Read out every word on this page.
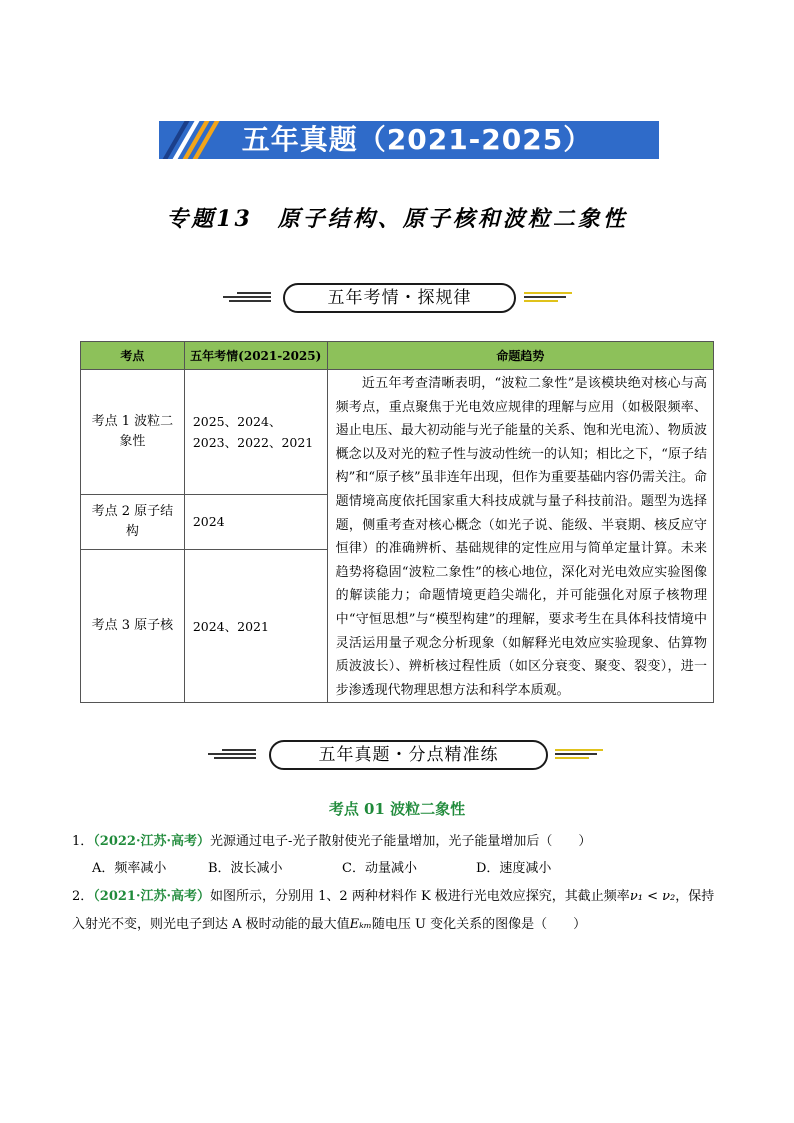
五年真题（2021-2025）
专题13　原子结构、原子核和波粒二象性
五年考情・探规律
考点	五年考情(2021-2025)	命题趋势
考点 1 波粒二象性	2025、2024、2023、2022、2021	近五年考查清晰表明，“波粒二象性”是该模块绝对核心与高频考点，重点聚焦于光电效应规律的理解与应用（如极限频率、遏止电压、最大初动能与光子能量的关系、饱和光电流）、物质波概念以及对光的粒子性与波动性统一的认知；相比之下，“原子结构”和“原子核”虽非连年出现，但作为重要基础内容仍需关注。命题情境高度依托国家重大科技成就与量子科技前沿。题型为选择题，侧重考查对核心概念（如光子说、能级、半衰期、核反应守恒律）的准确辨析、基础规律的定性应用与简单定量计算。未来趋势将稳固“波粒二象性”的核心地位，深化对光电效应实验图像的解读能力；命题情境更趋尖端化，并可能强化对原子核物理中“守恒思想”与“模型构建”的理解，要求考生在具体科技情境中灵活运用量子观念分析现象（如解释光电效应实验现象、估算物质波波长）、辨析核过程性质（如区分衰变、聚变、裂变），进一步渗透现代物理思想方法和科学本质观。
考点 2 原子结构	2024	
考点 3 原子核	2024、2021	
五年真题・分点精准练
考点 01 波粒二象性
1．（2022·江苏·高考）光源通过电子-光子散射使光子能量增加，光子能量增加后（　　）
A．频率减小	B．波长减小	C．动量减小	D．速度减小
2．（2021·江苏·高考）如图所示，分别用 1、2 两种材料作 K 极进行光电效应探究，其截止频率ν₁ < ν₂，保持入射光不变，则光电子到达 A 极时动能的最大值Eₖₘ随电压 U 变化关系的图像是（　　）
